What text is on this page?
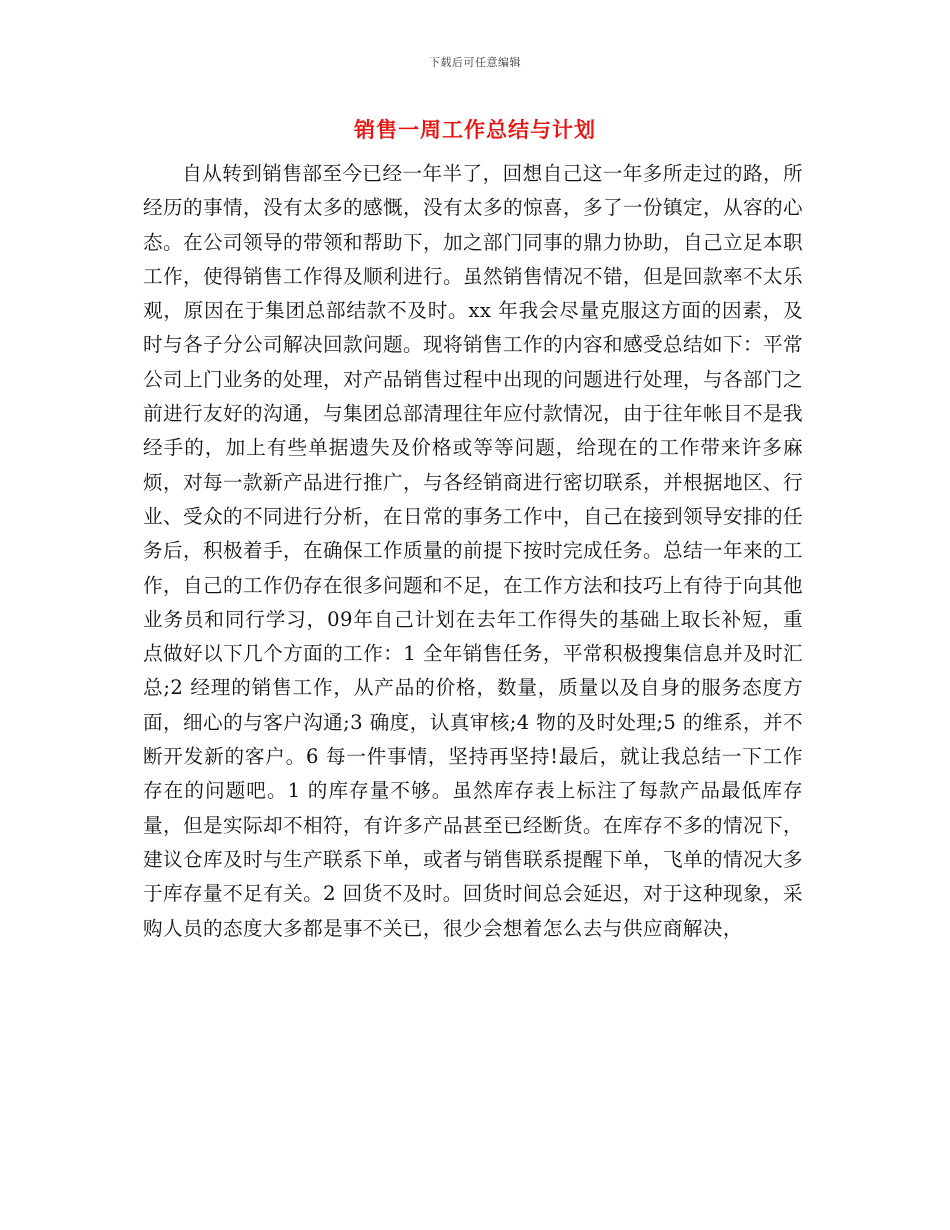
下载后可任意编辑
销售一周工作总结与计划

自从转到销售部至今已经一年半了，回想自己这一年多所走过的路，所经历的事情，没有太多的感慨，没有太多的惊喜，多了一份镇定，从容的心态。在公司领导的带领和帮助下，加之部门同事的鼎力协助，自己立足本职工作，使得销售工作得及顺利进行。虽然销售情况不错，但是回款率不太乐观，原因在于集团总部结款不及时。xx 年我会尽量克服这方面的因素，及时与各子分公司解决回款问题。现将销售工作的内容和感受总结如下：平常公司上门业务的处理，对产品销售过程中出现的问题进行处理，与各部门之前进行友好的沟通，与集团总部清理往年应付款情况，由于往年帐目不是我经手的，加上有些单据遗失及价格或等等问题，给现在的工作带来许多麻烦，对每一款新产品进行推广，与各经销商进行密切联系，并根据地区、行业、受众的不同进行分析，在日常的事务工作中，自己在接到领导安排的任务后，积极着手，在确保工作质量的前提下按时完成任务。总结一年来的工作，自己的工作仍存在很多问题和不足，在工作方法和技巧上有待于向其他业务员和同行学习，09年自己计划在去年工作得失的基础上取长补短，重点做好以下几个方面的工作：1 全年销售任务，平常积极搜集信息并及时汇总;2 经理的销售工作，从产品的价格，数量，质量以及自身的服务态度方面，细心的与客户沟通;3 确度，认真审核;4 物的及时处理;5 的维系，并不断开发新的客户。6 每一件事情，坚持再坚持!最后，就让我总结一下工作存在的问题吧。1 的库存量不够。虽然库存表上标注了每款产品最低库存量，但是实际却不相符，有许多产品甚至已经断货。在库存不多的情况下，建议仓库及时与生产联系下单，或者与销售联系提醒下单，飞单的情况大多于库存量不足有关。2 回货不及时。回货时间总会延迟，对于这种现象，采购人员的态度大多都是事不关已，很少会想着怎么去与供应商解决，
